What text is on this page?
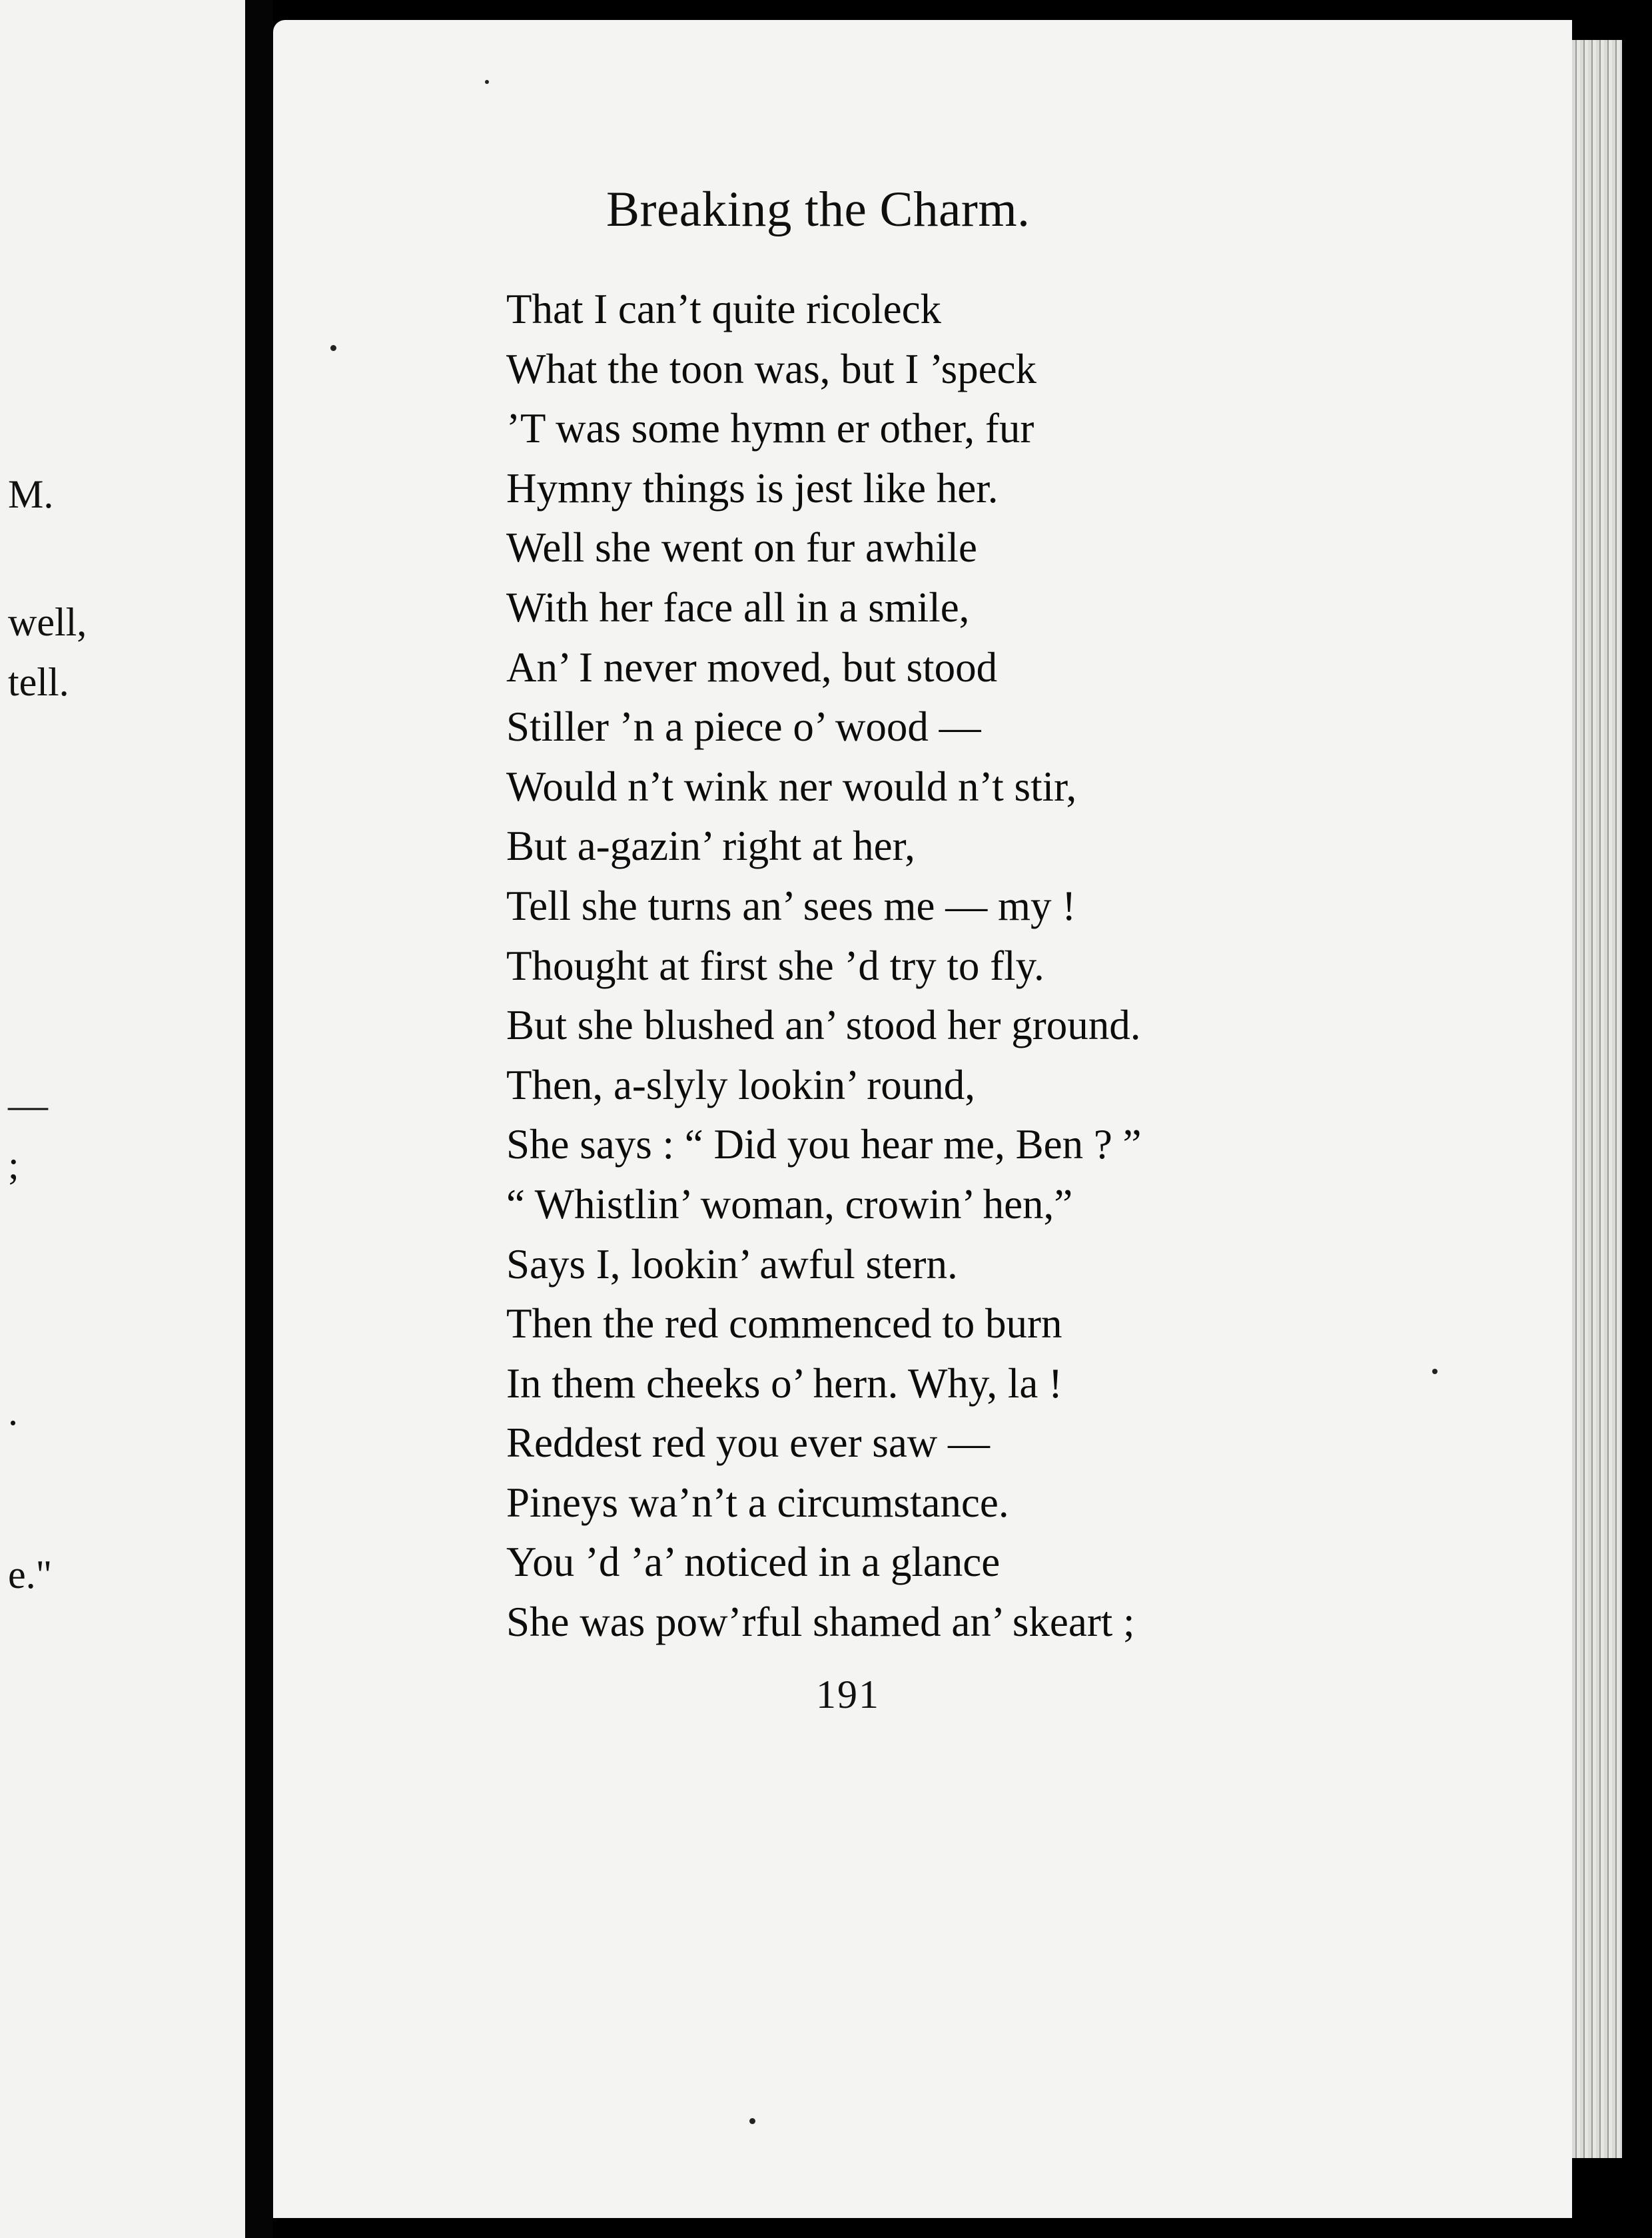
M.
well,
tell.
—
;
.
e."
Breaking the Charm.
That I can’t quite ricoleck
What the toon was, but I ’speck
’T was some hymn er other, fur
Hymny things is jest like her.
Well she went on fur awhile
With her face all in a smile,
An’ I never moved, but stood
Stiller ’n a piece o’ wood —
Would n’t wink ner would n’t stir,
But a-gazin’ right at her,
Tell she turns an’ sees me — my !
Thought at first she ’d try to fly.
But she blushed an’ stood her ground.
Then, a-slyly lookin’ round,
She says : “ Did you hear me, Ben ? ”
“ Whistlin’ woman, crowin’ hen,”
Says I, lookin’ awful stern.
Then the red commenced to burn
In them cheeks o’ hern. Why, la !
Reddest red you ever saw —
Pineys wa’n’t a circumstance.
You ’d ’a’ noticed in a glance
She was pow’rful shamed an’ skeart ;
191
